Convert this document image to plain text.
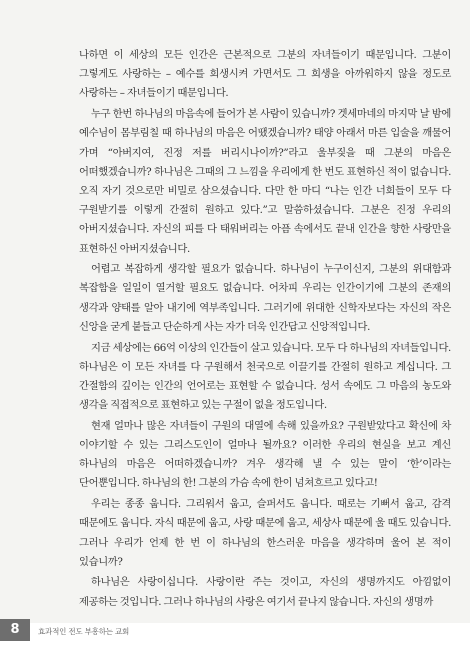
나하면 이 세상의 모든 인간은 근본적으로 그분의 자녀들이기 때문입니다. 그분이 그렇게도 사랑하는 – 예수를 희생시켜 가면서도 그 희생을 아까워하지 않을 정도로 사랑하는 – 자녀들이기 때문입니다.

누구 한번 하나님의 마음속에 들어가 본 사람이 있습니까? 겟세마네의 마지막 날 밤에 예수님이 몸부림칠 때 하나님의 마음은 어땠겠습니까? 태양 아래서 마른 입술을 깨물어 가며 “아버지여, 진정 저를 버리시나이까?”라고 울부짖을 때 그분의 마음은 어떠했겠습니까? 하나님은 그때의 그 느낌을 우리에게 한 번도 표현하신 적이 없습니다. 오직 자기 것으로만 비밀로 삼으셨습니다. 다만 한 마디 “나는 인간 너희들이 모두 다 구원받기를 이렇게 간절히 원하고 있다.”고 말씀하셨습니다. 그분은 진정 우리의 아버지셨습니다. 자신의 피를 다 태워버리는 아픔 속에서도 끝내 인간을 향한 사랑만을 표현하신 아버지셨습니다.

어렵고 복잡하게 생각할 필요가 없습니다. 하나님이 누구이신지, 그분의 위대함과 복잡함을 일일이 열거할 필요도 없습니다. 어차피 우리는 인간이기에 그분의 존재의 생각과 양태를 알아 내기에 역부족입니다. 그러기에 위대한 신학자보다는 자신의 작은 신앙을 굳게 붙들고 단순하게 사는 자가 더욱 인간답고 신앙적입니다.

지금 세상에는 66억 이상의 인간들이 살고 있습니다. 모두 다 하나님의 자녀들입니다. 하나님은 이 모든 자녀를 다 구원해서 천국으로 이끌기를 간절히 원하고 계십니다. 그 간절함의 깊이는 인간의 언어로는 표현할 수 없습니다. 성서 속에도 그 마음의 농도와 생각을 직접적으로 표현하고 있는 구절이 없을 정도입니다.

현재 얼마나 많은 자녀들이 구원의 대열에 속해 있을까요? 구원받았다고 확신에 차 이야기할 수 있는 그리스도인이 얼마나 될까요? 이러한 우리의 현실을 보고 계신 하나님의 마음은 어떠하겠습니까? 겨우 생각해 낼 수 있는 말이 ‘한’이라는 단어뿐입니다. 하나님의 한! 그분의 가슴 속에 한이 넘쳐흐르고 있다고!

우리는 종종 웁니다. 그리워서 웁고, 슬퍼서도 웁니다. 때로는 기뻐서 웁고, 감격 때문에도 웁니다. 자식 때문에 웁고, 사랑 때문에 웁고, 세상사 때문에 울 때도 있습니다. 그러나 우리가 언제 한 번 이 하나님의 한스러운 마음을 생각하며 울어 본 적이 있습니까?

하나님은 사랑이십니다. 사랑이란 주는 것이고, 자신의 생명까지도 아낌없이 제공하는 것입니다. 그러나 하나님의 사랑은 여기서 끝나지 않습니다. 자신의 생명까

8	효과적인 전도 부흥하는 교회
